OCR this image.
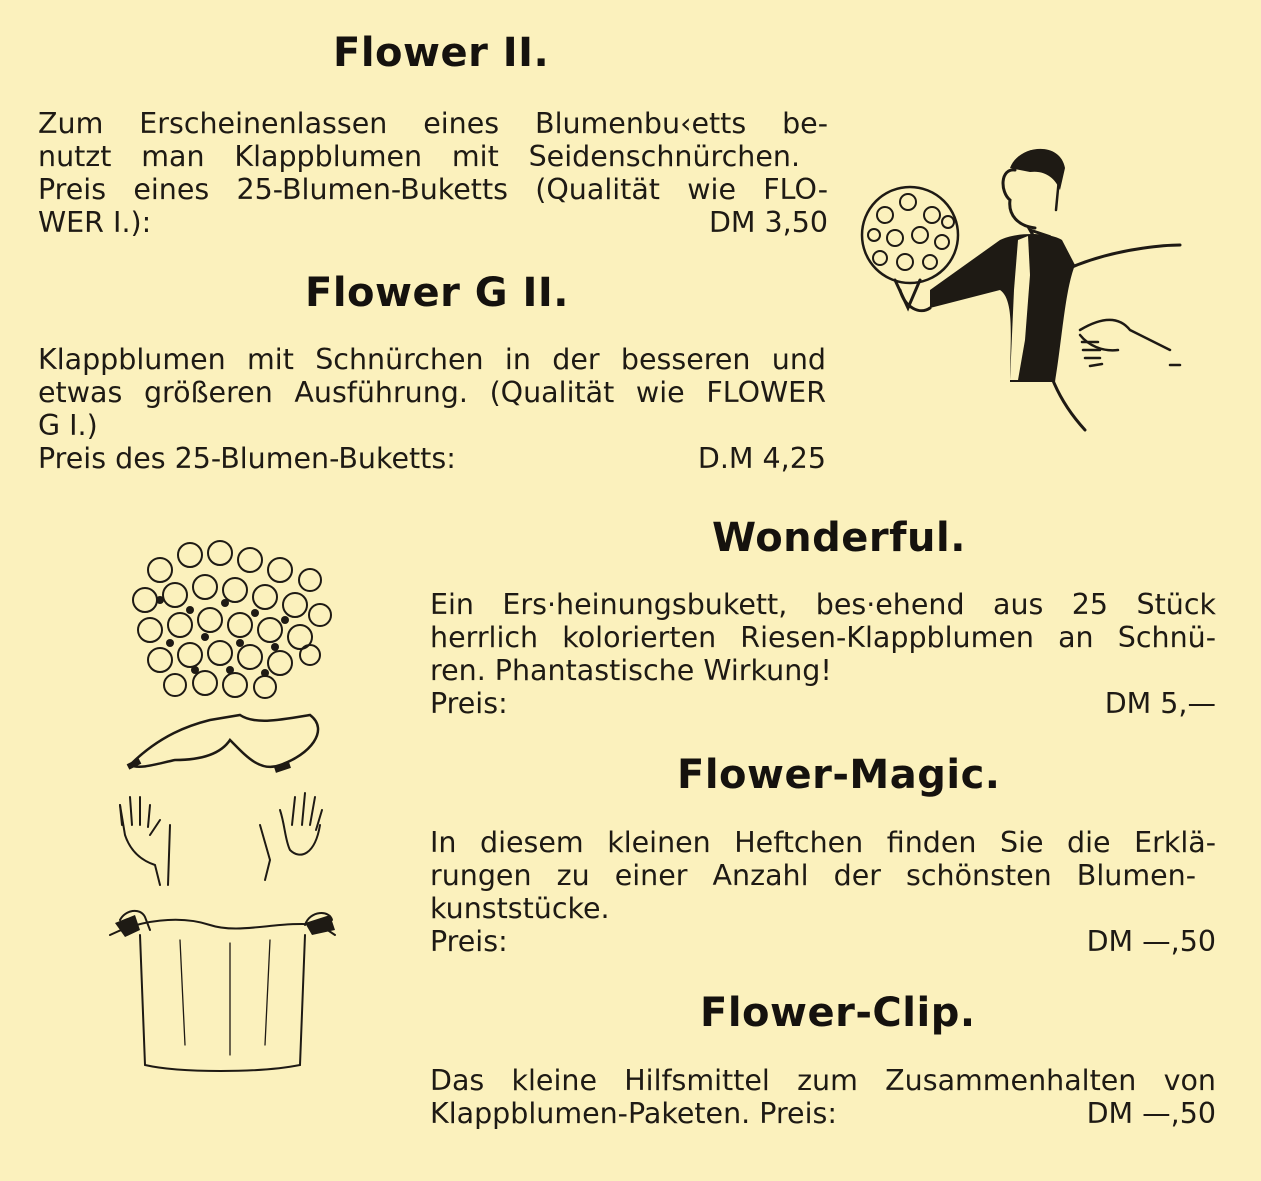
Flower II.

Zum Erscheinenlassen eines Blumenbu‹etts be-

nutzt man Klappblumen mit Seidenschnürchen.

Preis eines 25-Blumen-Buketts (Qualität wie FLO-

WER I.):	DM 3,50
Flower G II.

Klappblumen mit Schnürchen in der besseren und

etwas größeren Ausführung. (Qualität wie FLOWER

G I.)

Preis des 25-Blumen-Buketts:	D.M 4,25
Wonderful.

Ein Ers·heinungsbukett, bes·ehend aus 25 Stück

herrlich kolorierten Riesen-Klappblumen an Schnü-

ren. Phantastische Wirkung!

Preis:	DM 5,—
Flower-Magic.

In diesem kleinen Heftchen finden Sie die Erklä-

rungen zu einer Anzahl der schönsten Blumen-

kunststücke.

Preis:	DM —,50
Flower-Clip.

Das kleine Hilfsmittel zum Zusammenhalten von

Klappblumen-Paketen. Preis:	DM —,50
